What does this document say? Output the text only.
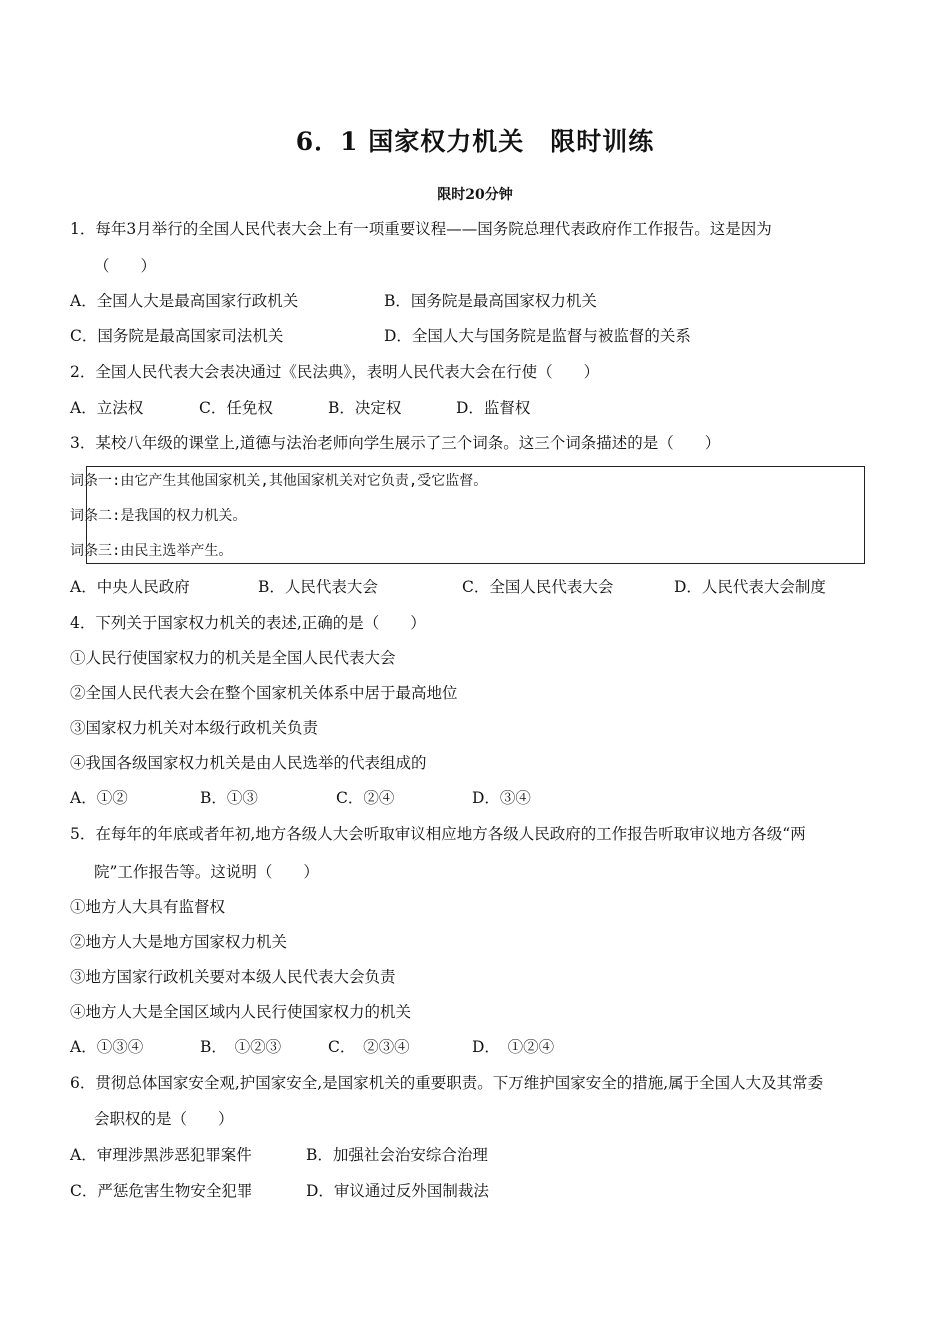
6．1 国家权力机关　限时训练
限时20分钟
1．每年3月举行的全国人民代表大会上有一项重要议程——国务院总理代表政府作工作报告。这是因为
（　　）
A．全国人大是最高国家行政机关	B．国务院是最高国家权力机关
C．国务院是最高国家司法机关	D．全国人大与国务院是监督与被监督的关系
2．全国人民代表大会表决通过《民法典》，表明人民代表大会在行使（　　）
A．立法权	C．任免权	B．决定权	D．监督权
3．某校八年级的课堂上,道德与法治老师向学生展示了三个词条。这三个词条描述的是（　　）
词条一:由它产生其他国家机关,其他国家机关对它负责,受它监督。
词条二:是我国的权力机关。
词条三:由民主选举产生。
A．中央人民政府	B．人民代表大会	C．全国人民代表大会	D．人民代表大会制度
4．下列关于国家权力机关的表述,正确的是（　　）
①人民行使国家权力的机关是全国人民代表大会
②全国人民代表大会在整个国家机关体系中居于最高地位
③国家权力机关对本级行政机关负责
④我国各级国家权力机关是由人民选举的代表组成的
A．①②	B．①③	C．②④	D．③④
5．在每年的年底或者年初,地方各级人大会听取审议相应地方各级人民政府的工作报告听取审议地方各级“两
院”工作报告等。这说明（　　）
①地方人大具有监督权
②地方人大是地方国家权力机关
③地方国家行政机关要对本级人民代表大会负责
④地方人大是全国区域内人民行使国家权力的机关
A．①③④	B．　①②③	C．　②③④	D．　①②④
6．贯彻总体国家安全观,护国家安全,是国家机关的重要职责。下万维护国家安全的措施,属于全国人大及其常委
会职权的是（　　）
A．审理涉黑涉恶犯罪案件	B．加强社会治安综合治理
C．严惩危害生物安全犯罪	D．审议通过反外国制裁法
